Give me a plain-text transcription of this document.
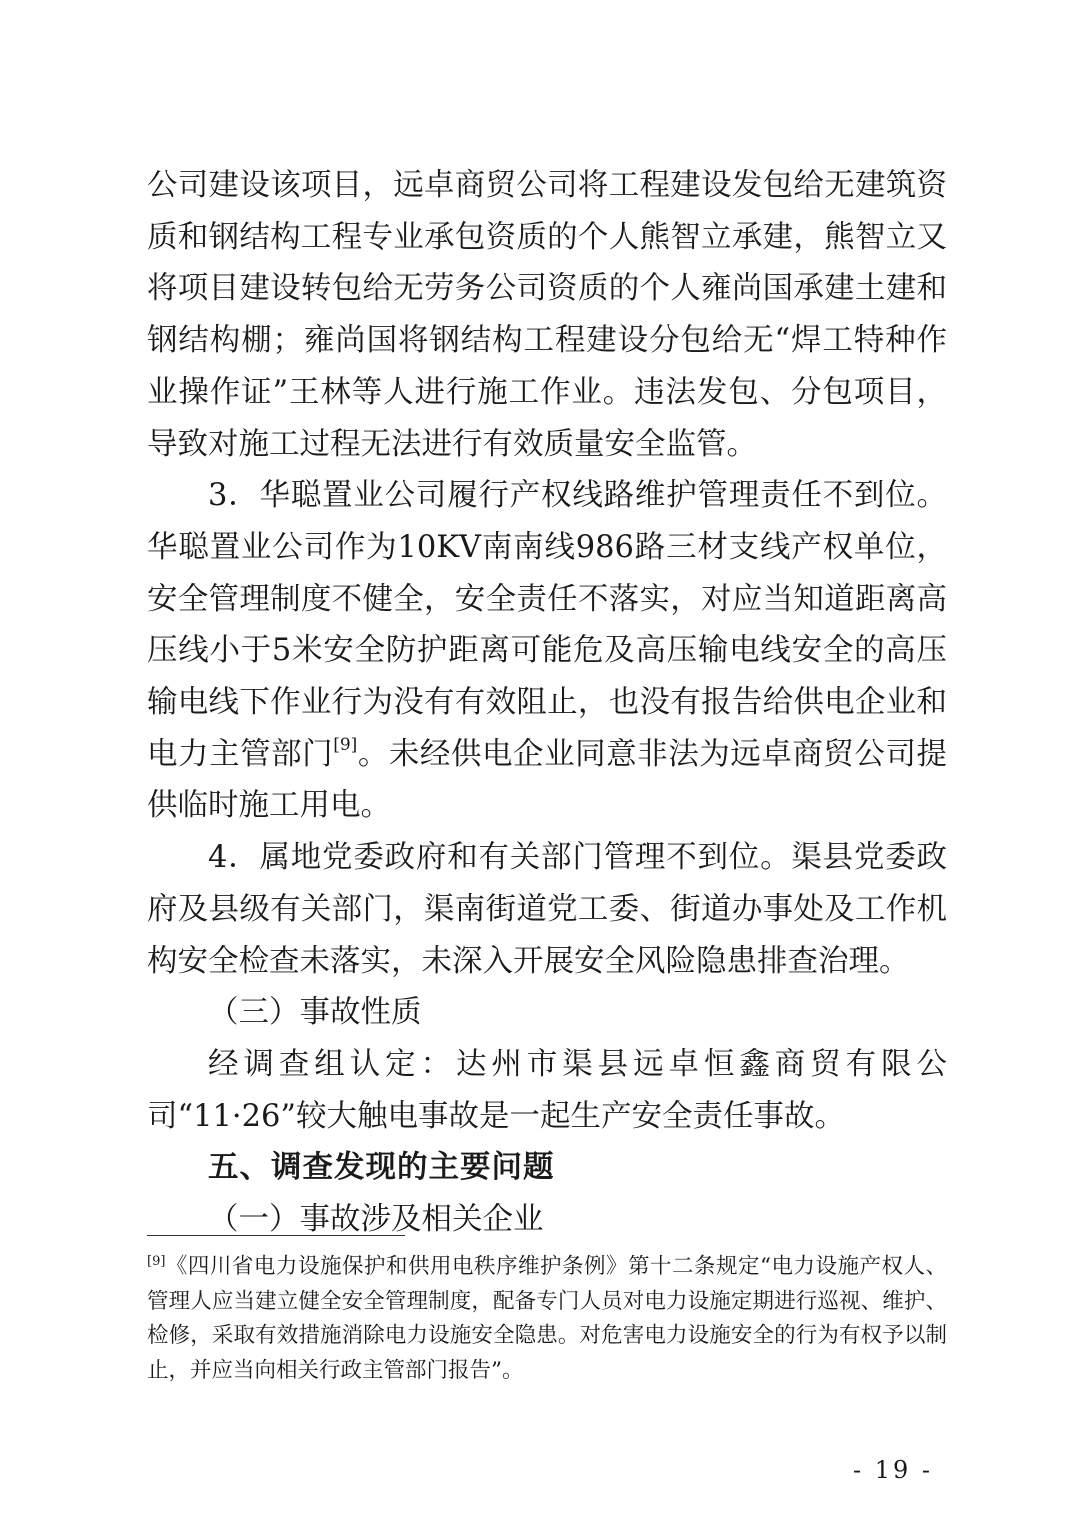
公司建设该项目，远卓商贸公司将工程建设发包给无建筑资质和钢结构工程专业承包资质的个人熊智立承建，熊智立又将项目建设转包给无劳务公司资质的个人雍尚国承建土建和钢结构棚；雍尚国将钢结构工程建设分包给无“焊工特种作业操作证”王林等人进行施工作业。违法发包、分包项目，导致对施工过程无法进行有效质量安全监管。

3．华聪置业公司履行产权线路维护管理责任不到位。华聪置业公司作为10KV南南线986路三材支线产权单位，安全管理制度不健全，安全责任不落实，对应当知道距离高压线小于5米安全防护距离可能危及高压输电线安全的高压输电线下作业行为没有有效阻止，也没有报告给供电企业和电力主管部门[9]。未经供电企业同意非法为远卓商贸公司提供临时施工用电。

4．属地党委政府和有关部门管理不到位。渠县党委政府及县级有关部门，渠南街道党工委、街道办事处及工作机构安全检查未落实，未深入开展安全风险隐患排查治理。

（三）事故性质

经调查组认定：达州市渠县远卓恒鑫商贸有限公司“11·26”较大触电事故是一起生产安全责任事故。

五、调查发现的主要问题

（一）事故涉及相关企业

[9]《四川省电力设施保护和供用电秩序维护条例》第十二条规定“电力设施产权人、管理人应当建立健全安全管理制度，配备专门人员对电力设施定期进行巡视、维护、检修，采取有效措施消除电力设施安全隐患。对危害电力设施安全的行为有权予以制止，并应当向相关行政主管部门报告”。

- 19 -
